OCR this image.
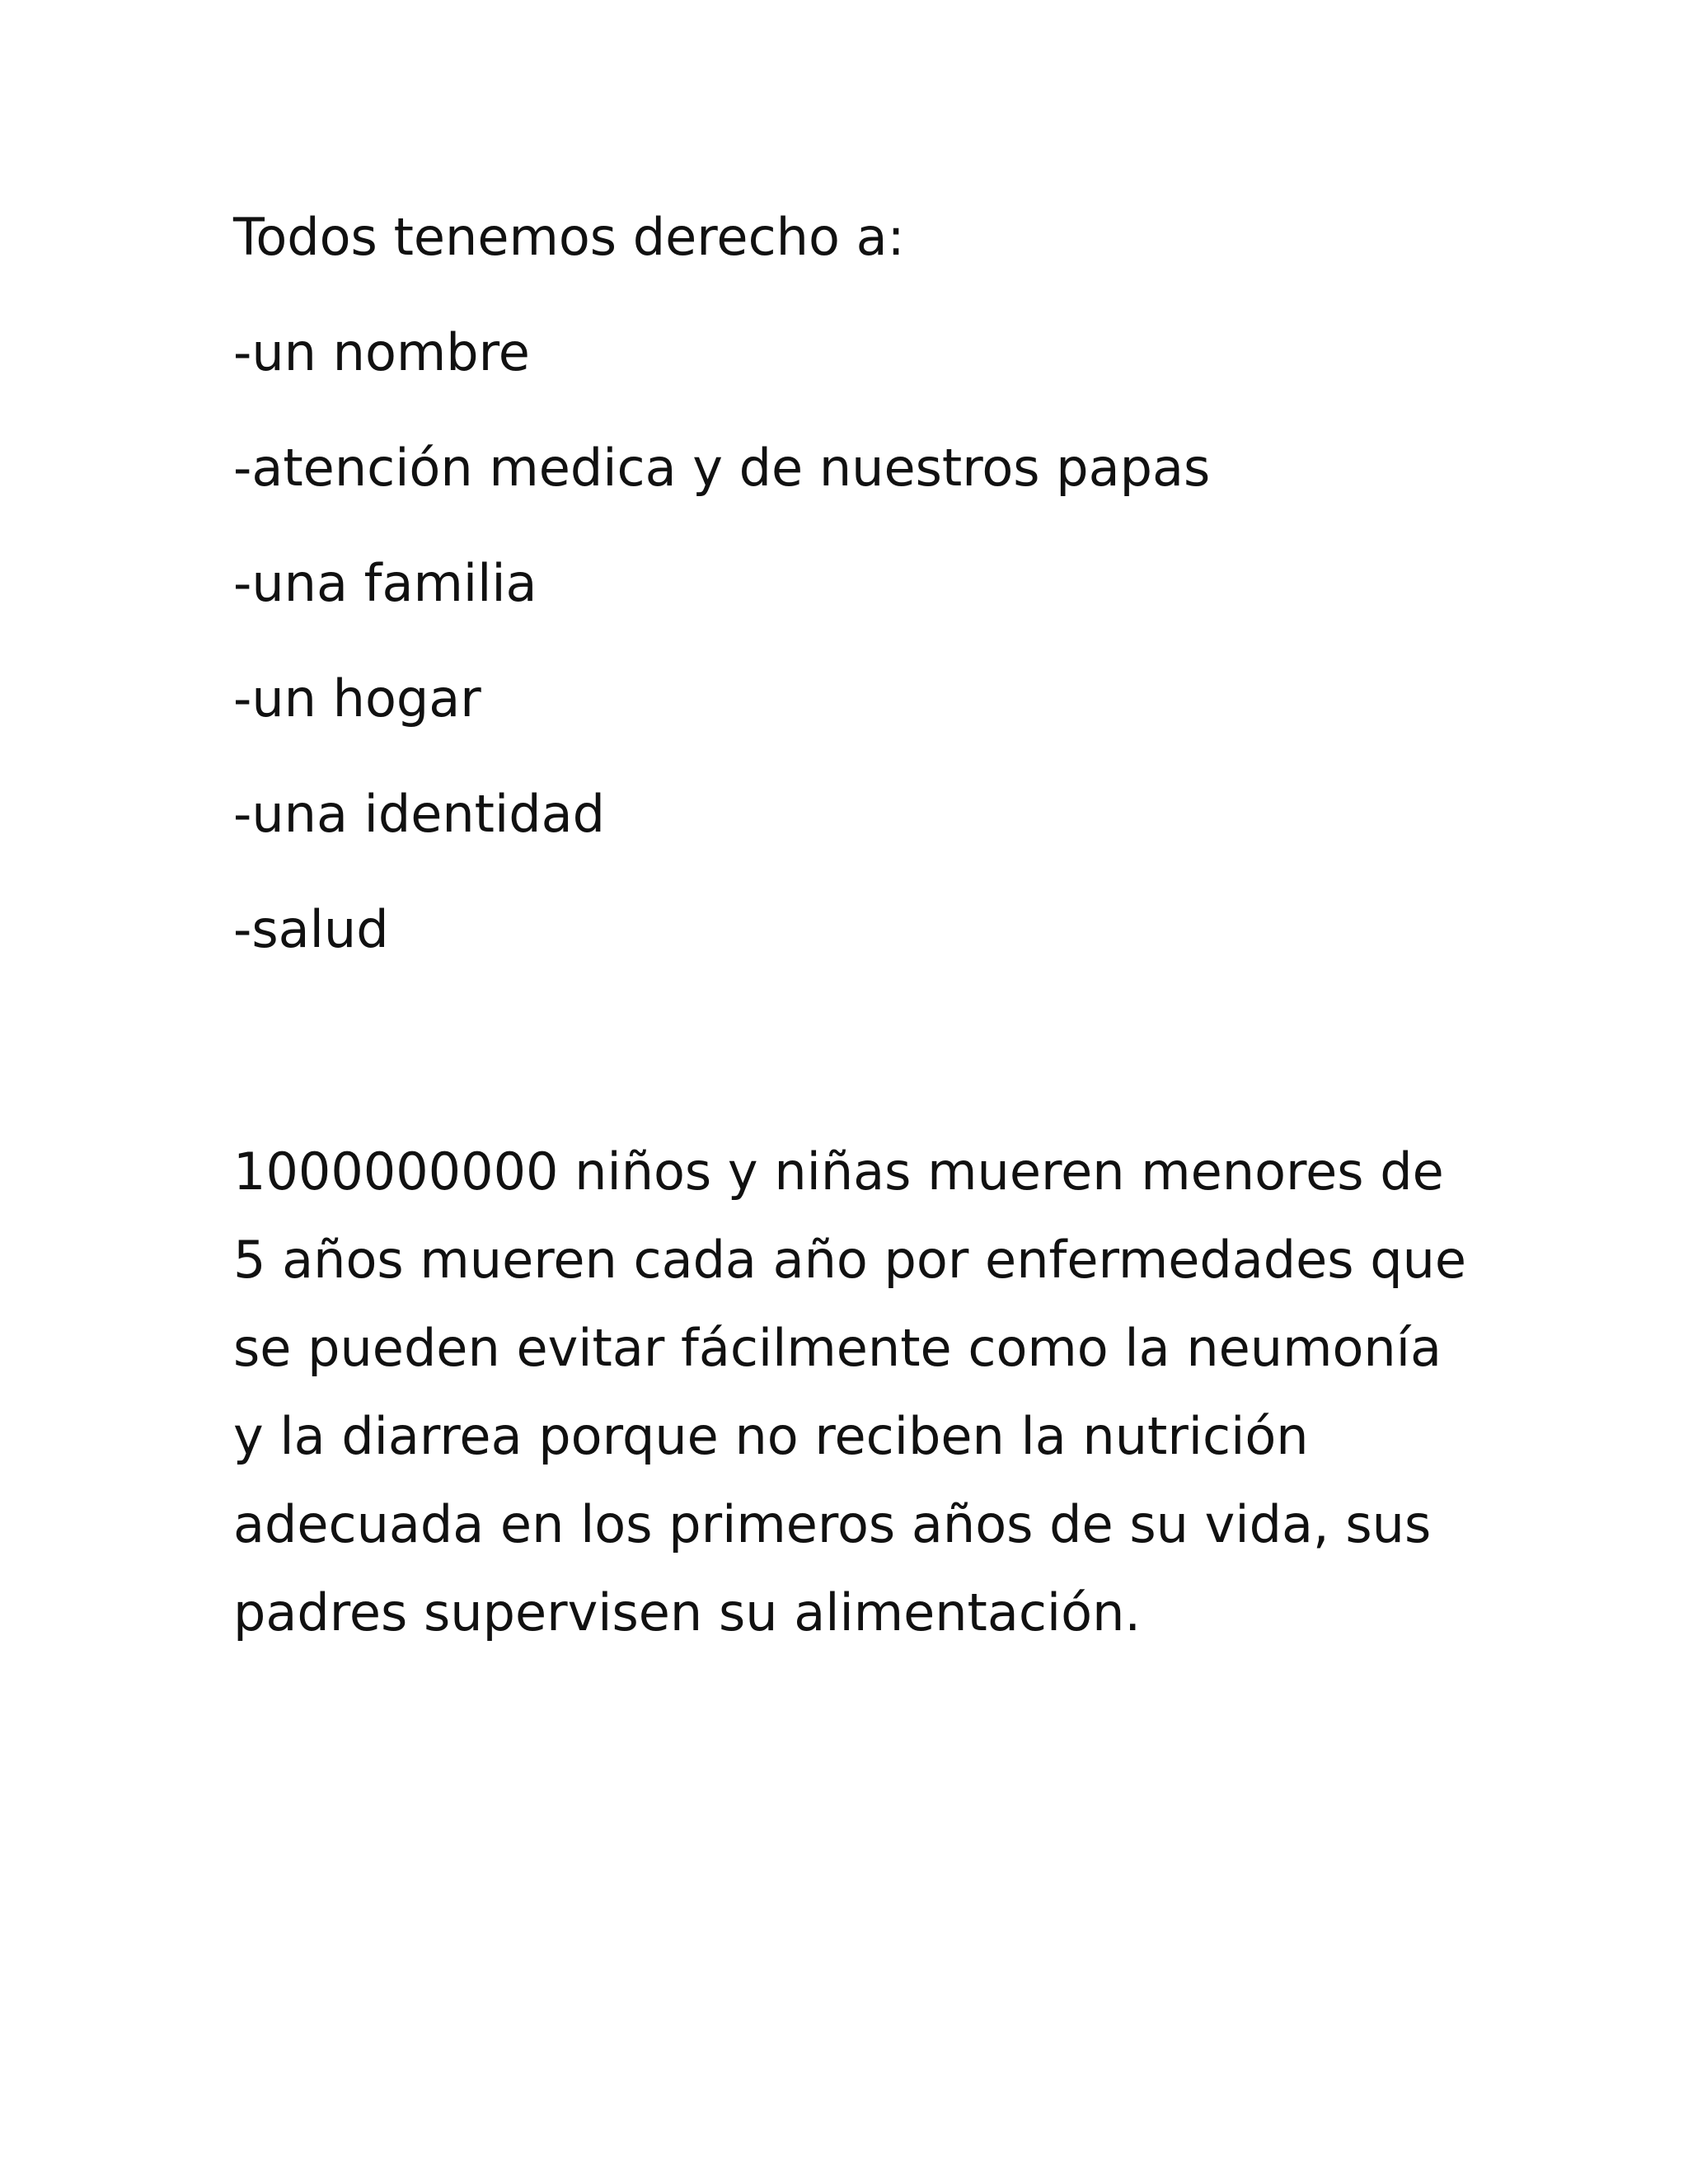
Todos tenemos derecho a:
-un nombre
-atención medica y de nuestros papas
-una familia
-un hogar
-una identidad
-salud

1000000000 niños y niñas mueren menores de
5 años mueren cada año por enfermedades que
se pueden evitar fácilmente como la neumonía
y la diarrea porque no reciben la nutrición
adecuada en los primeros años de su vida, sus
padres supervisen su alimentación.
